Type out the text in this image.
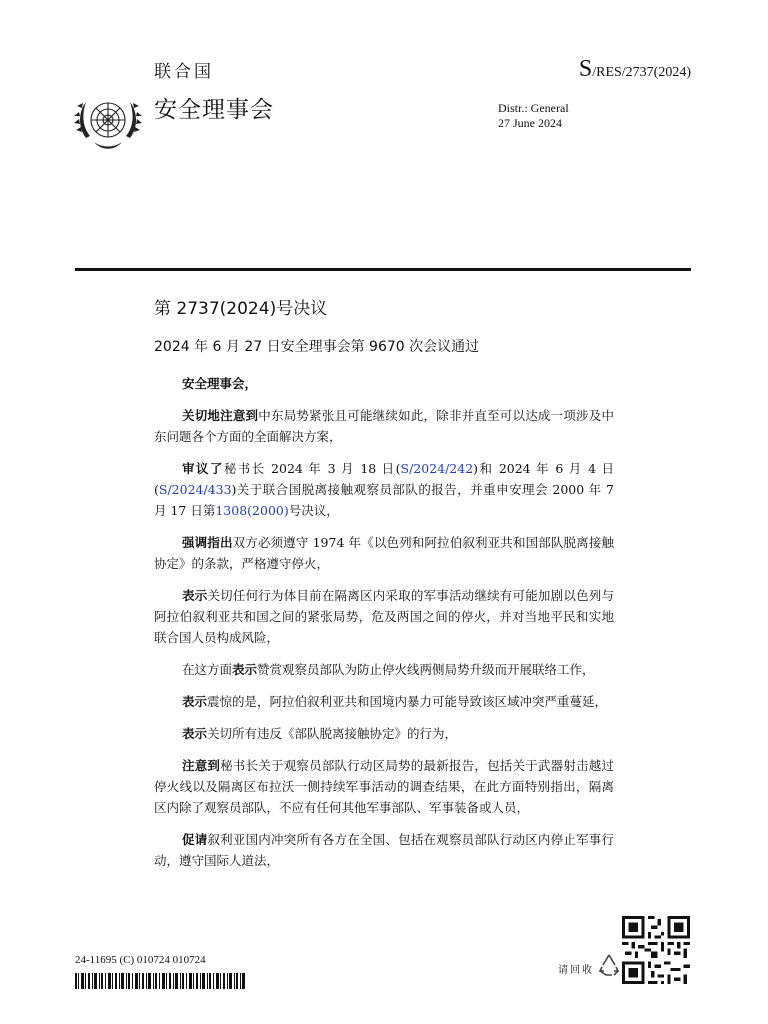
联合国	S/RES/2737(2024)
安全理事会	Distr.: General
27 June 2024
第 2737(2024)号决议
2024 年 6 月 27 日安全理事会第 9670 次会议通过

安全理事会，

关切地注意到中东局势紧张且可能继续如此，除非并直至可以达成一项涉及中东问题各个方面的全面解决方案，

审议了秘书长 2024 年 3 月 18 日(S/2024/242)和 2024 年 6 月 4 日(S/2024/433)关于联合国脱离接触观察员部队的报告，并重申安理会 2000 年 7 月 17 日第1308(2000)号决议，

强调指出双方必须遵守 1974 年《以色列和阿拉伯叙利亚共和国部队脱离接触协定》的条款，严格遵守停火，

表示关切任何行为体目前在隔离区内采取的军事活动继续有可能加剧以色列与阿拉伯叙利亚共和国之间的紧张局势，危及两国之间的停火，并对当地平民和实地联合国人员构成风险，

在这方面表示赞赏观察员部队为防止停火线两侧局势升级而开展联络工作，

表示震惊的是，阿拉伯叙利亚共和国境内暴力可能导致该区域冲突严重蔓延，

表示关切所有违反《部队脱离接触协定》的行为，

注意到秘书长关于观察员部队行动区局势的最新报告，包括关于武器射击越过停火线以及隔离区布拉沃一侧持续军事活动的调查结果，在此方面特别指出，隔离区内除了观察员部队，不应有任何其他军事部队、军事装备或人员，

促请叙利亚国内冲突所有各方在全国、包括在观察员部队行动区内停止军事行动，遵守国际人道法，

24-11695 (C) 010724 010724
请回收
